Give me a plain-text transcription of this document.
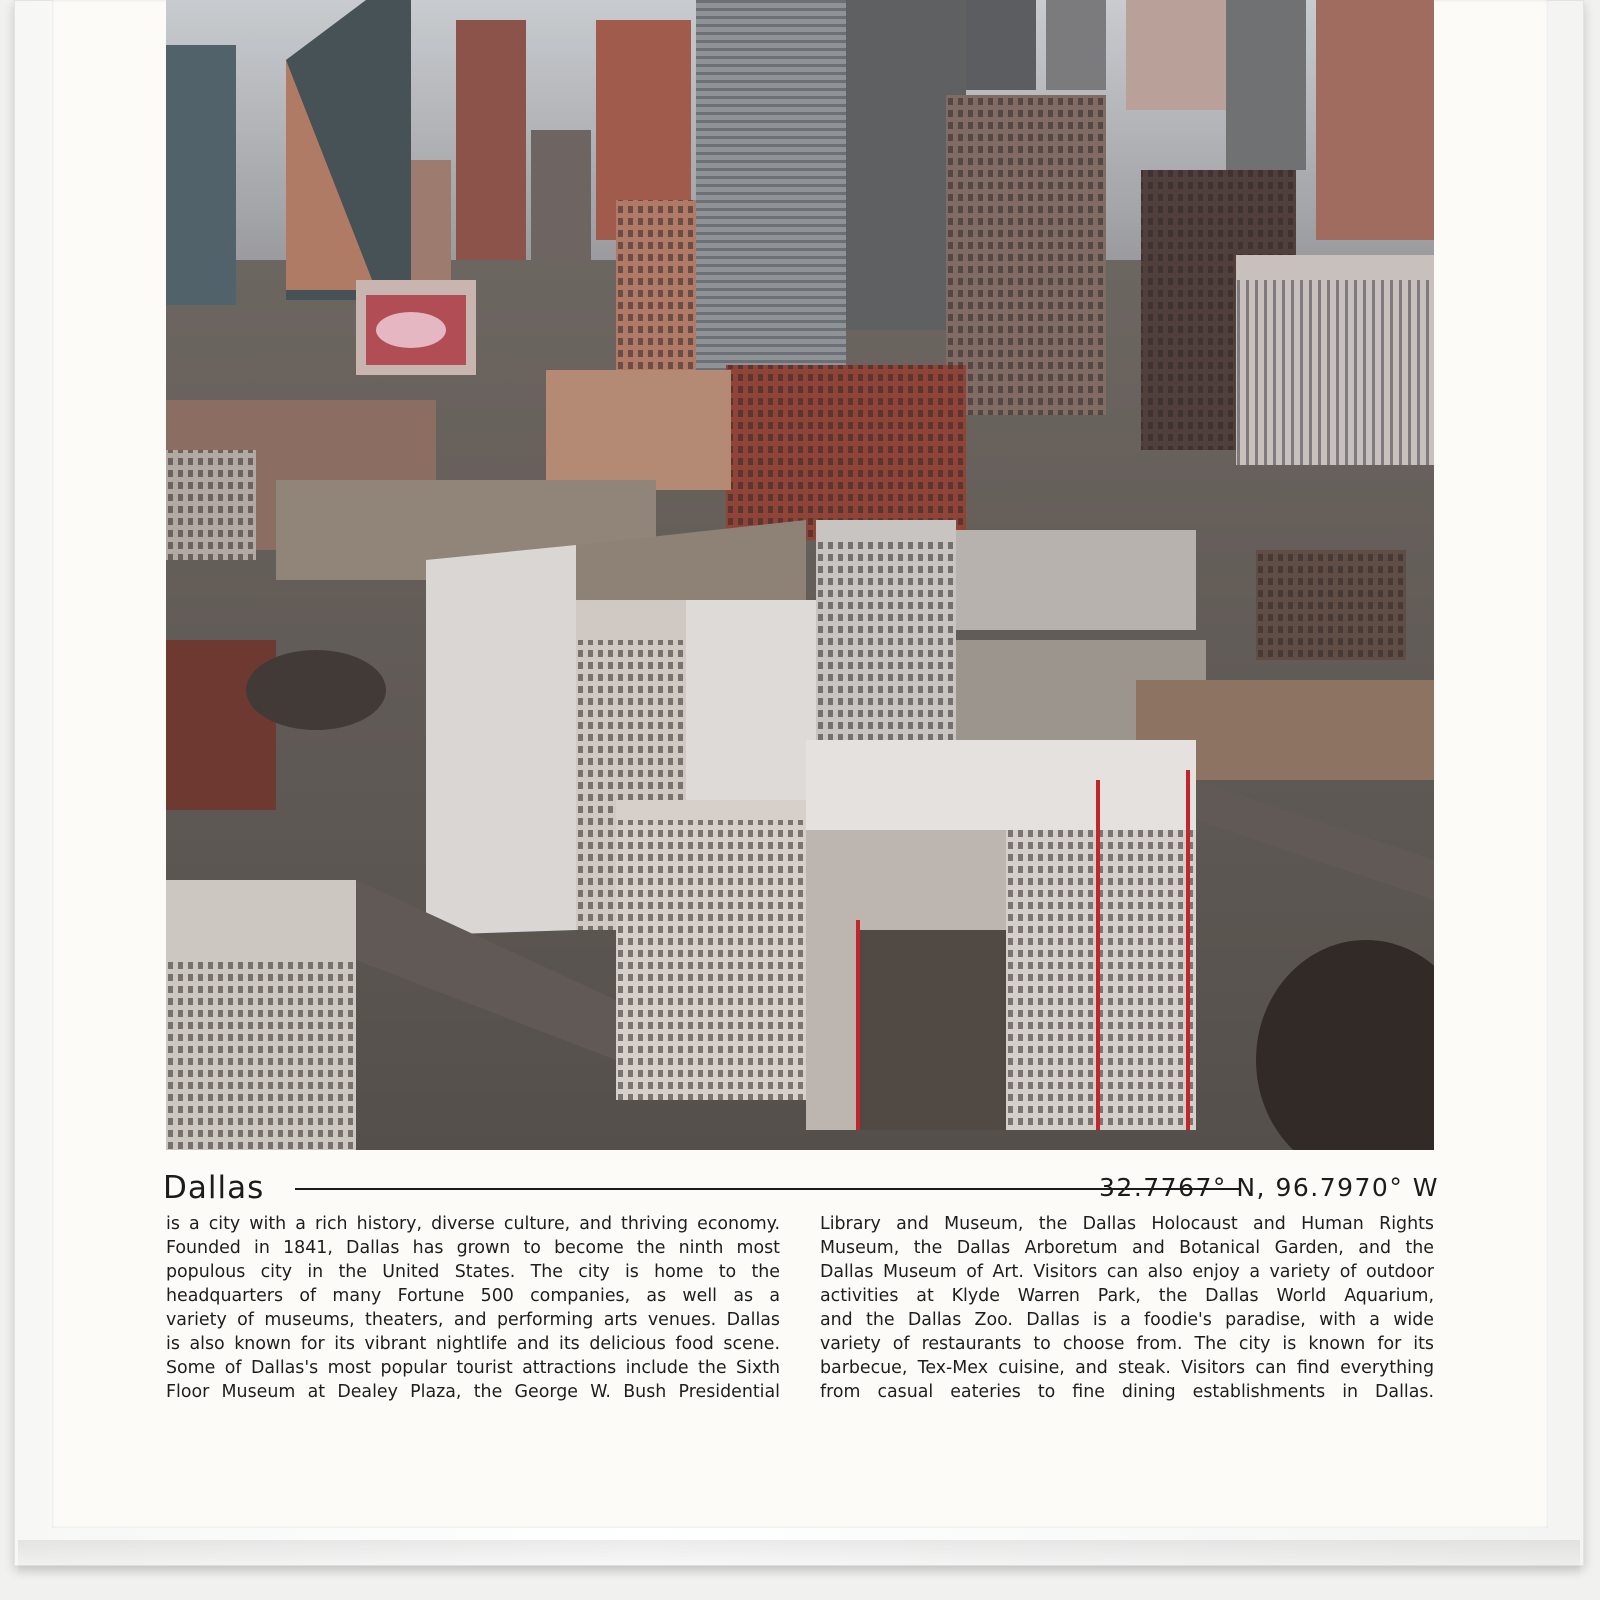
Dallas	32.7767° N, 96.7970° W
is a city with a rich history, diverse culture, and thriving economy.
Founded in 1841, Dallas has grown to become the ninth most
populous city in the United States. The city is home to the
headquarters of many Fortune 500 companies, as well as a
variety of museums, theaters, and performing arts venues. Dallas
is also known for its vibrant nightlife and its delicious food scene.
Some of Dallas's most popular tourist attractions include the Sixth
Floor Museum at Dealey Plaza, the George W. Bush Presidential
Library and Museum, the Dallas Holocaust and Human Rights
Museum, the Dallas Arboretum and Botanical Garden, and the
Dallas Museum of Art. Visitors can also enjoy a variety of outdoor
activities at Klyde Warren Park, the Dallas World Aquarium,
and the Dallas Zoo. Dallas is a foodie's paradise, with a wide
variety of restaurants to choose from. The city is known for its
barbecue, Tex-Mex cuisine, and steak. Visitors can find everything
from casual eateries to fine dining establishments in Dallas.
